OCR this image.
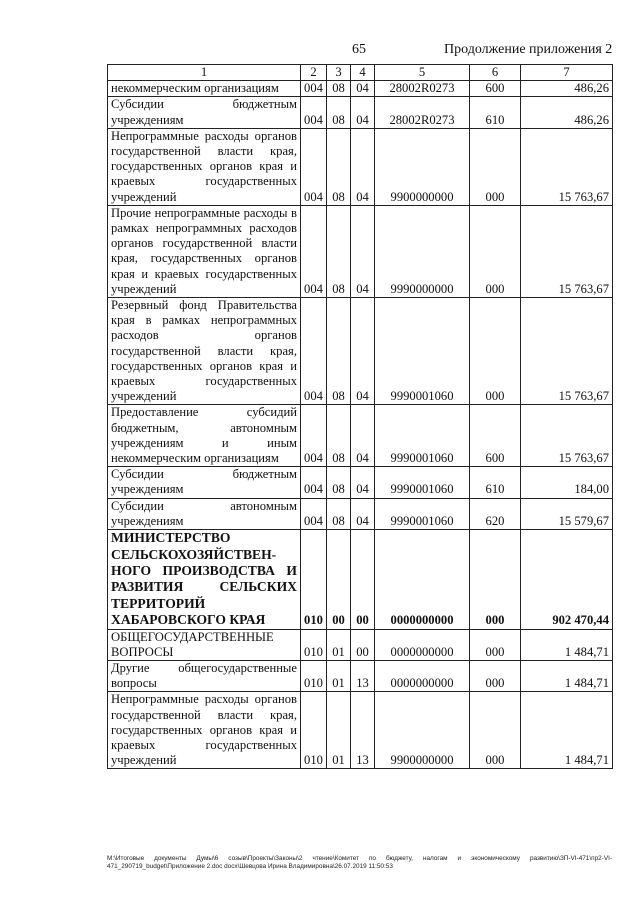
65	Продолжение приложения 2
1	2	3	4	5	6	7
некоммерческим организациям	004	08	04	28002R0273	600	486,26
Субсидии бюджетным учреждениям	004	08	04	28002R0273	610	486,26
Непрограммные расходы органов государственной власти края, государственных органов края и краевых государственных учреждений	004	08	04	9900000000	000	15 763,67
Прочие непрограммные расходы в рамках непрограммных расходов органов государственной власти края, государственных органов края и краевых государственных учреждений	004	08	04	9990000000	000	15 763,67
Резервный фонд Правительства края в рамках непрограммных расходов органов государственной власти края, государственных органов края и краевых государственных учреждений	004	08	04	9990001060	000	15 763,67
Предоставление субсидий бюджетным, автономным учреждениям и иным некоммерческим организациям	004	08	04	9990001060	600	15 763,67
Субсидии бюджетным учреждениям	004	08	04	9990001060	610	184,00
Субсидии автономным учреждениям	004	08	04	9990001060	620	15 579,67
МИНИСТЕРСТВО СЕЛЬСКОХОЗЯЙСТВЕН-НОГО ПРОИЗВОДСТВА И РАЗВИТИЯ СЕЛЬСКИХ ТЕРРИТОРИЙ ХАБАРОВСКОГО КРАЯ	010	00	00	0000000000	000	902 470,44
ОБЩЕГОСУДАРСТВЕННЫЕ ВОПРОСЫ	010	01	00	0000000000	000	1 484,71
Другие общегосударственные вопросы	010	01	13	0000000000	000	1 484,71
Непрограммные расходы органов государственной власти края, государственных органов края и краевых государственных учреждений	010	01	13	9900000000	000	1 484,71
M:\Итоговые документы Думы\6 созыв\Проекты\Законы\2 чтение\Комитет по бюджету, налогам и экономическому развитию\ЗП-VI-471\пр2-VI-471_290719_budget\Приложение 2.doc docx\Шевцова Ирина Владимировна\26.07.2019 11:50:53
